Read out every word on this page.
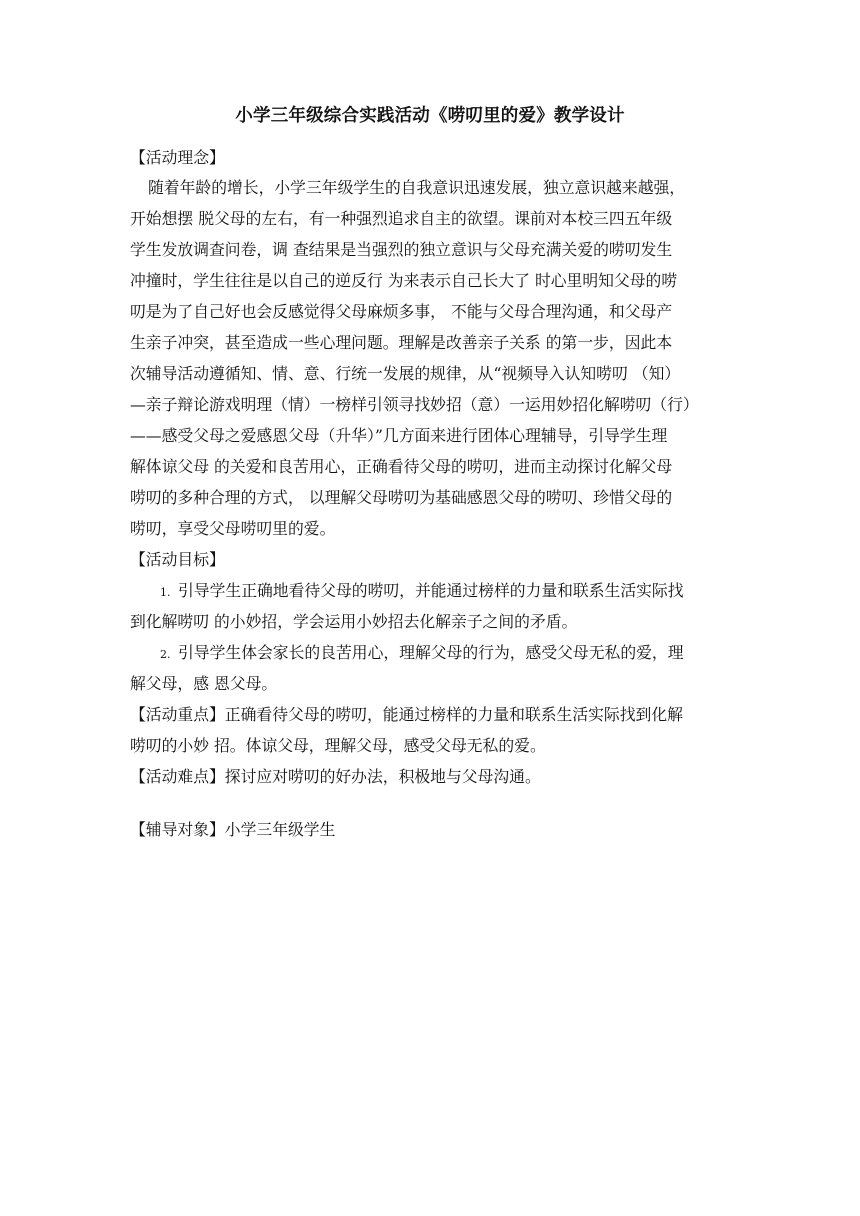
小学三年级综合实践活动《唠叨里的爱》教学设计
【活动理念】
随着年龄的增长，小学三年级学生的自我意识迅速发展，独立意识越来越强，
开始想摆 脱父母的左右，有一种强烈追求自主的欲望。课前对本校三四五年级
学生发放调查问卷，调 查结果是当强烈的独立意识与父母充满关爱的唠叨发生
冲撞时，学生往往是以自己的逆反行 为来表示自己长大了 时心里明知父母的唠
叨是为了自己好也会反感觉得父母麻烦多事， 不能与父母合理沟通，和父母产
生亲子冲突，甚至造成一些心理问题。理解是改善亲子关系 的第一步，因此本
次辅导活动遵循知、情、意、行统一发展的规律，从“视频导入认知唠叨 （知）
—亲子辩论游戏明理（情）一榜样引领寻找妙招（意）一运用妙招化解唠叨（行）
——感受父母之爱感恩父母（升华）”几方面来进行团体心理辅导，引导学生理
解体谅父母 的关爱和良苦用心，正确看待父母的唠叨，进而主动探讨化解父母
唠叨的多种合理的方式， 以理解父母唠叨为基础感恩父母的唠叨、珍惜父母的
唠叨，享受父母唠叨里的爱。
【活动目标】
1. 引导学生正确地看待父母的唠叨，并能通过榜样的力量和联系生活实际找
到化解唠叨 的小妙招，学会运用小妙招去化解亲子之间的矛盾。
2. 引导学生体会家长的良苦用心，理解父母的行为，感受父母无私的爱，理
解父母，感 恩父母。
【活动重点】正确看待父母的唠叨，能通过榜样的力量和联系生活实际找到化解
唠叨的小妙 招。体谅父母，理解父母，感受父母无私的爱。
【活动难点】探讨应对唠叨的好办法，积极地与父母沟通。
【辅导对象】小学三年级学生
